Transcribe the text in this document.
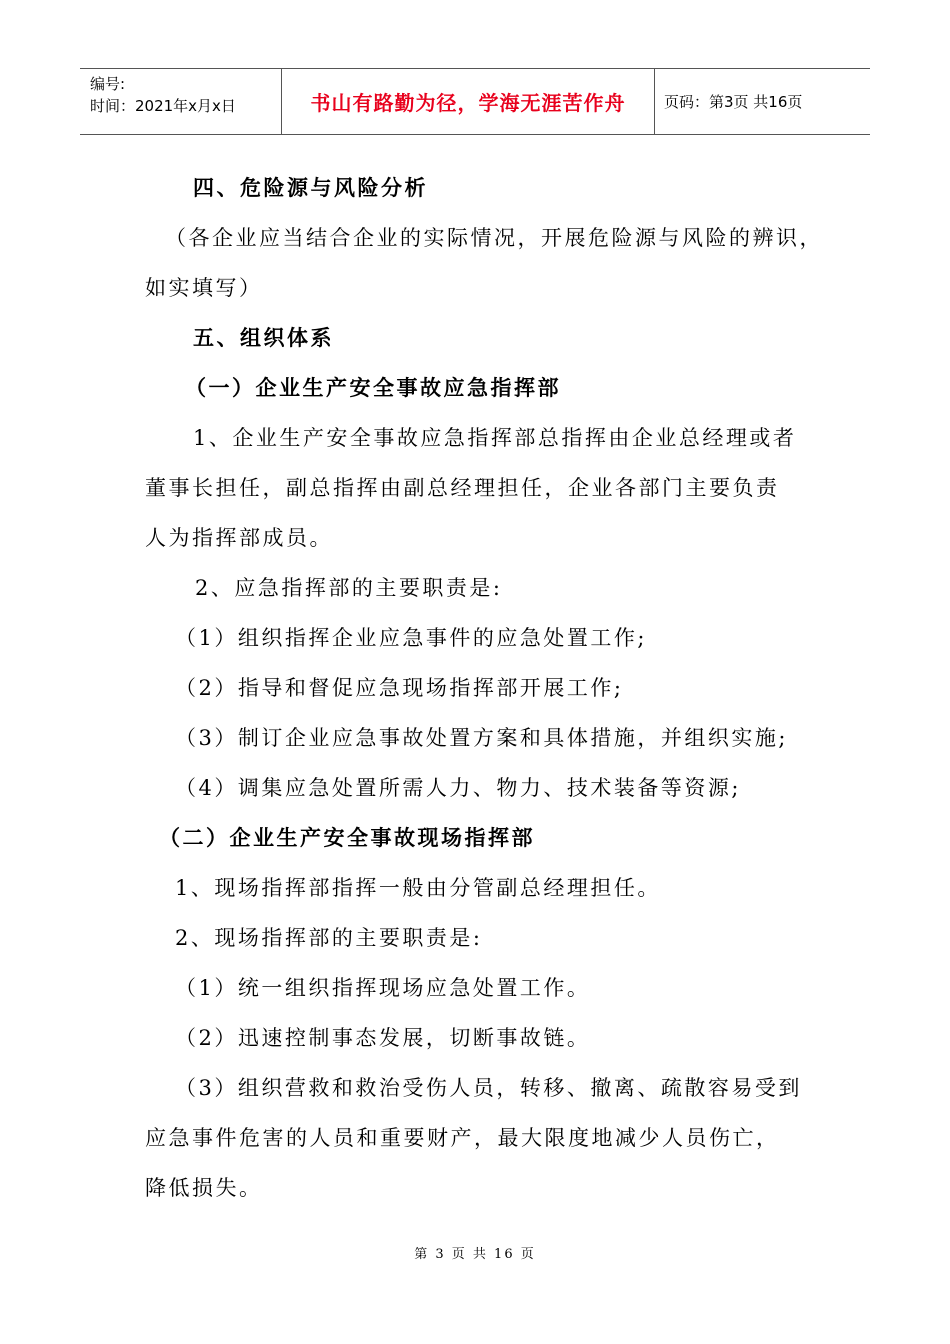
编号:
时间：2021年x月x日	书山有路勤为径，学海无涯苦作舟	页码：第3页 共16页
四、危险源与风险分析
（各企业应当结合企业的实际情况，开展危险源与风险的辨识，
如实填写）
五、组织体系
（一）企业生产安全事故应急指挥部
1、企业生产安全事故应急指挥部总指挥由企业总经理或者
董事长担任，副总指挥由副总经理担任，企业各部门主要负责
人为指挥部成员。
2、应急指挥部的主要职责是:
（1）组织指挥企业应急事件的应急处置工作;
（2）指导和督促应急现场指挥部开展工作;
（3）制订企业应急事故处置方案和具体措施，并组织实施;
（4）调集应急处置所需人力、物力、技术装备等资源;
（二）企业生产安全事故现场指挥部
1、现场指挥部指挥一般由分管副总经理担任。
2、现场指挥部的主要职责是:
（1）统一组织指挥现场应急处置工作。
（2）迅速控制事态发展，切断事故链。
（3）组织营救和救治受伤人员，转移、撤离、疏散容易受到
应急事件危害的人员和重要财产，最大限度地减少人员伤亡，
降低损失。
第 3 页 共 16 页
